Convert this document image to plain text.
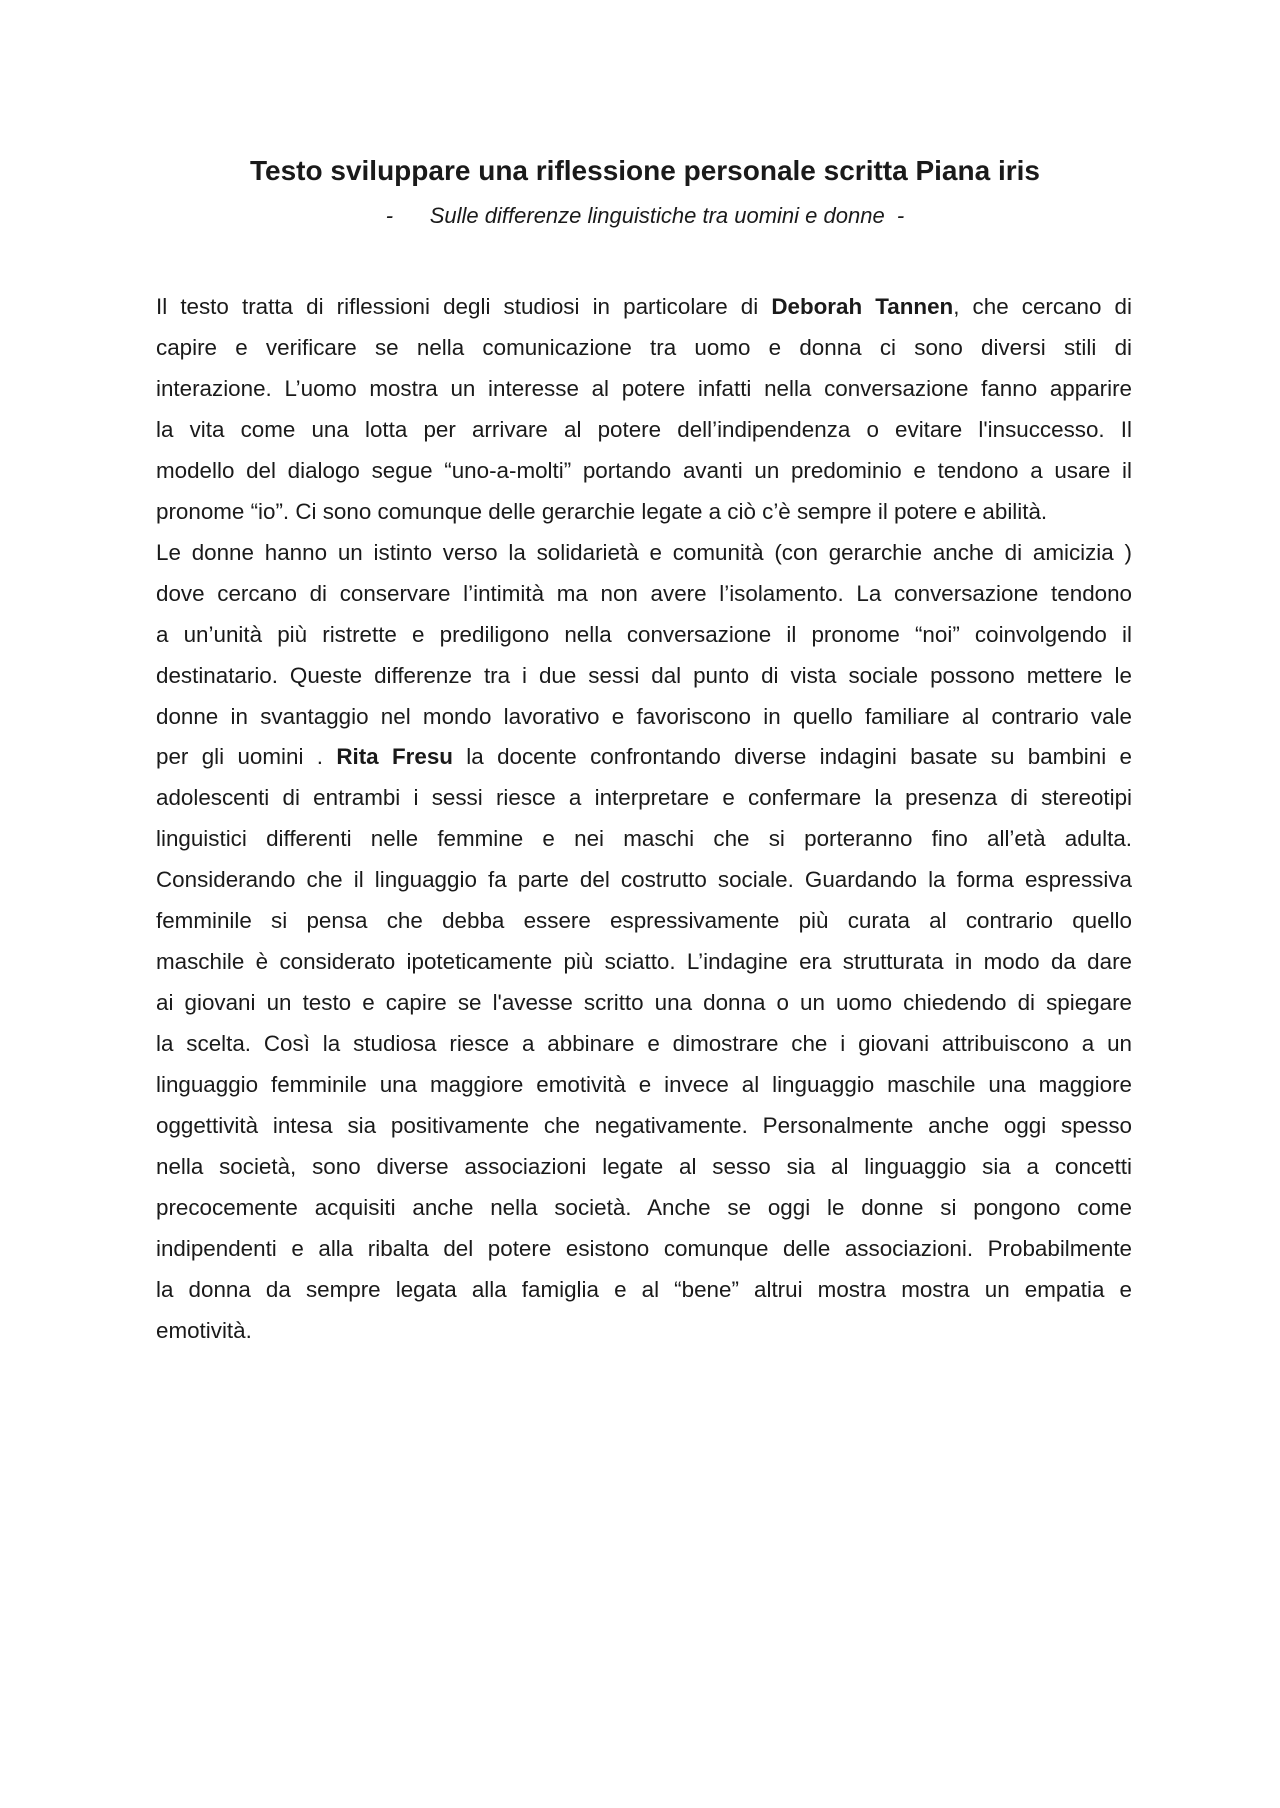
Testo sviluppare una riflessione personale scritta Piana iris
-      Sulle differenze linguistiche tra uomini e donne  -
Il testo tratta di riflessioni degli studiosi in particolare di Deborah Tannen, che cercano di
capire e verificare se nella comunicazione tra uomo e donna ci sono diversi stili di
interazione. L’uomo mostra un interesse al potere infatti nella conversazione fanno apparire
la vita come una lotta per arrivare al potere dell’indipendenza o evitare l'insuccesso. Il
modello del dialogo segue “uno-a-molti” portando avanti un predominio e tendono a usare il
pronome “io”. Ci sono comunque delle gerarchie legate a ciò c’è sempre il potere e abilità.
Le donne hanno un istinto verso la solidarietà e comunità (con gerarchie anche di amicizia )
dove cercano di conservare l’intimità ma non avere l’isolamento. La conversazione tendono
a un’unità più ristrette e prediligono nella conversazione il pronome “noi” coinvolgendo il
destinatario. Queste differenze tra i due sessi dal punto di vista sociale possono mettere le
donne in svantaggio nel mondo lavorativo e favoriscono in quello familiare al contrario vale
per gli uomini . Rita Fresu la docente confrontando diverse indagini basate su bambini e
adolescenti di entrambi i sessi riesce a interpretare e confermare la presenza di stereotipi
linguistici differenti nelle femmine e nei maschi che si porteranno fino all’età adulta.
Considerando che il linguaggio fa parte del costrutto sociale. Guardando la forma espressiva
femminile si pensa che debba essere espressivamente più curata al contrario quello
maschile è considerato ipoteticamente più sciatto. L’indagine era strutturata in modo da dare
ai giovani un testo e capire se l'avesse scritto una donna o un uomo chiedendo di spiegare
la scelta. Così la studiosa riesce a abbinare e dimostrare che i giovani attribuiscono a un
linguaggio femminile una maggiore emotività e invece al linguaggio maschile una maggiore
oggettività intesa sia positivamente che negativamente. Personalmente anche oggi spesso
nella società, sono diverse associazioni legate al sesso sia al linguaggio sia a concetti
precocemente acquisiti anche nella società. Anche se oggi le donne si pongono come
indipendenti e alla ribalta del potere esistono comunque delle associazioni. Probabilmente
la donna da sempre legata alla famiglia e al “bene” altrui mostra mostra un empatia e
emotività.
